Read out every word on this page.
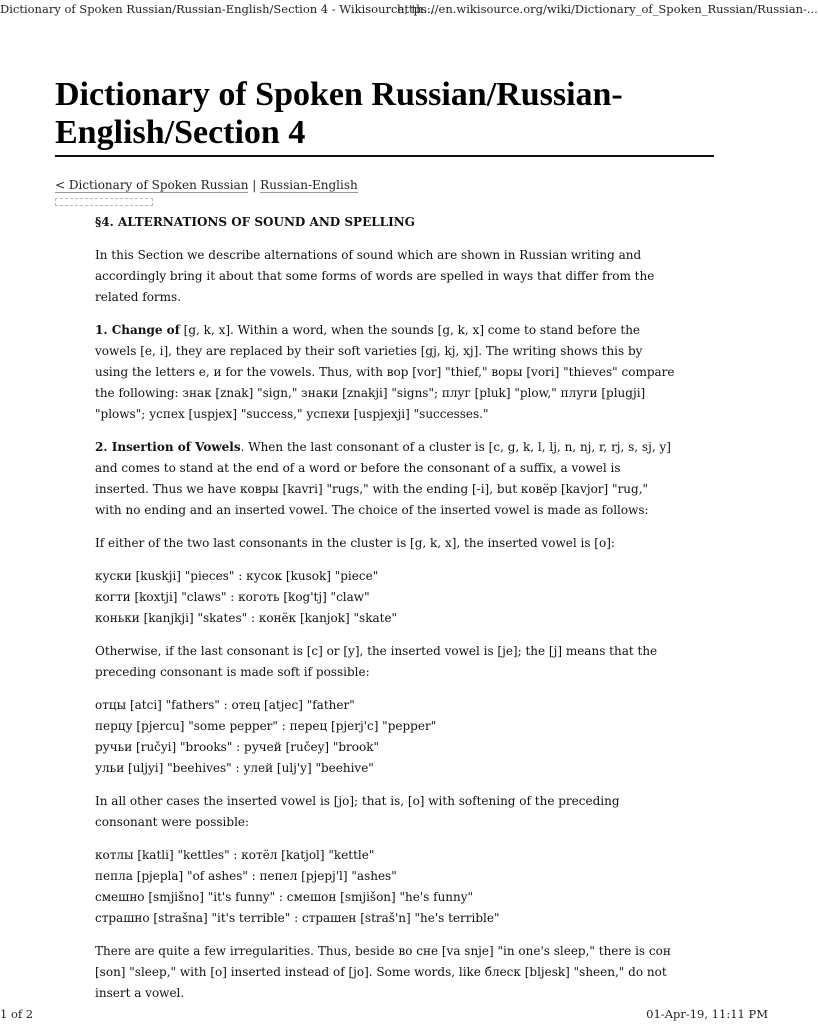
Dictionary of Spoken Russian/Russian-English/Section 4 - Wikisource, th...
https://en.wikisource.org/wiki/Dictionary_of_Spoken_Russian/Russian-...
Dictionary of Spoken Russian/Russian-English/Section 4
< Dictionary of Spoken Russian | Russian-English

§4. ALTERNATIONS OF SOUND AND SPELLING

In this Section we describe alternations of sound which are shown in Russian writing and accordingly bring it about that some forms of words are spelled in ways that differ from the related forms.

1. Change of [g, k, x]. Within a word, when the sounds [g, k, x] come to stand before the vowels [e, i], they are replaced by their soft varieties [gj, kj, xj]. The writing shows this by using the letters е, и for the vowels. Thus, with вор [vor] "thief," воры [vori] "thieves" compare the following: знак [znak] "sign," знаки [znakji] "signs"; плуг [pluk] "plow," плуги [plugji] "plows"; успех [uspjex] "success," успехи [uspjexji] "successes."

2. Insertion of Vowels. When the last consonant of a cluster is [c, g, k, l, lj, n, nj, r, rj, s, sj, y] and comes to stand at the end of a word or before the consonant of a suffix, a vowel is inserted. Thus we have ковры [kavri] "rugs," with the ending [-i], but ковёр [kavjor] "rug," with no ending and an inserted vowel. The choice of the inserted vowel is made as follows:

If either of the two last consonants in the cluster is [g, k, x], the inserted vowel is [o]:

куски [kuskji] "pieces" : кусок [kusok] "piece"
когти [koxtji] "claws" : коготь [kog'tj] "claw"
коньки [kanjkji] "skates" : конёк [kanjok] "skate"

Otherwise, if the last consonant is [c] or [y], the inserted vowel is [je]; the [j] means that the preceding consonant is made soft if possible:

отцы [atci] "fathers" : отец [atjec] "father"
перцу [pjercu] "some pepper" : перец [pjerj'c] "pepper"
ручьи [ručyi] "brooks" : ручей [ručey] "brook"
ульи [uljyi] "beehives" : улей [ulj'y] "beehive"

In all other cases the inserted vowel is [jo]; that is, [o] with softening of the preceding consonant were possible:

котлы [katli] "kettles" : котёл [katjol] "kettle"
пепла [pjepla] "of ashes" : пепел [pjepj'l] "ashes"
смешно [smjišno] "it's funny" : смешон [smjišon] "he's funny"
страшно [strašna] "it's terrible" : страшен [straš'n] "he's terrible"

There are quite a few irregularities. Thus, beside во сне [va snje] "in one's sleep," there is сон [son] "sleep," with [o] inserted instead of [jo]. Some words, like блеск [bljesk] "sheen," do not insert a vowel.

1 of 2	01-Apr-19, 11:11 PM
